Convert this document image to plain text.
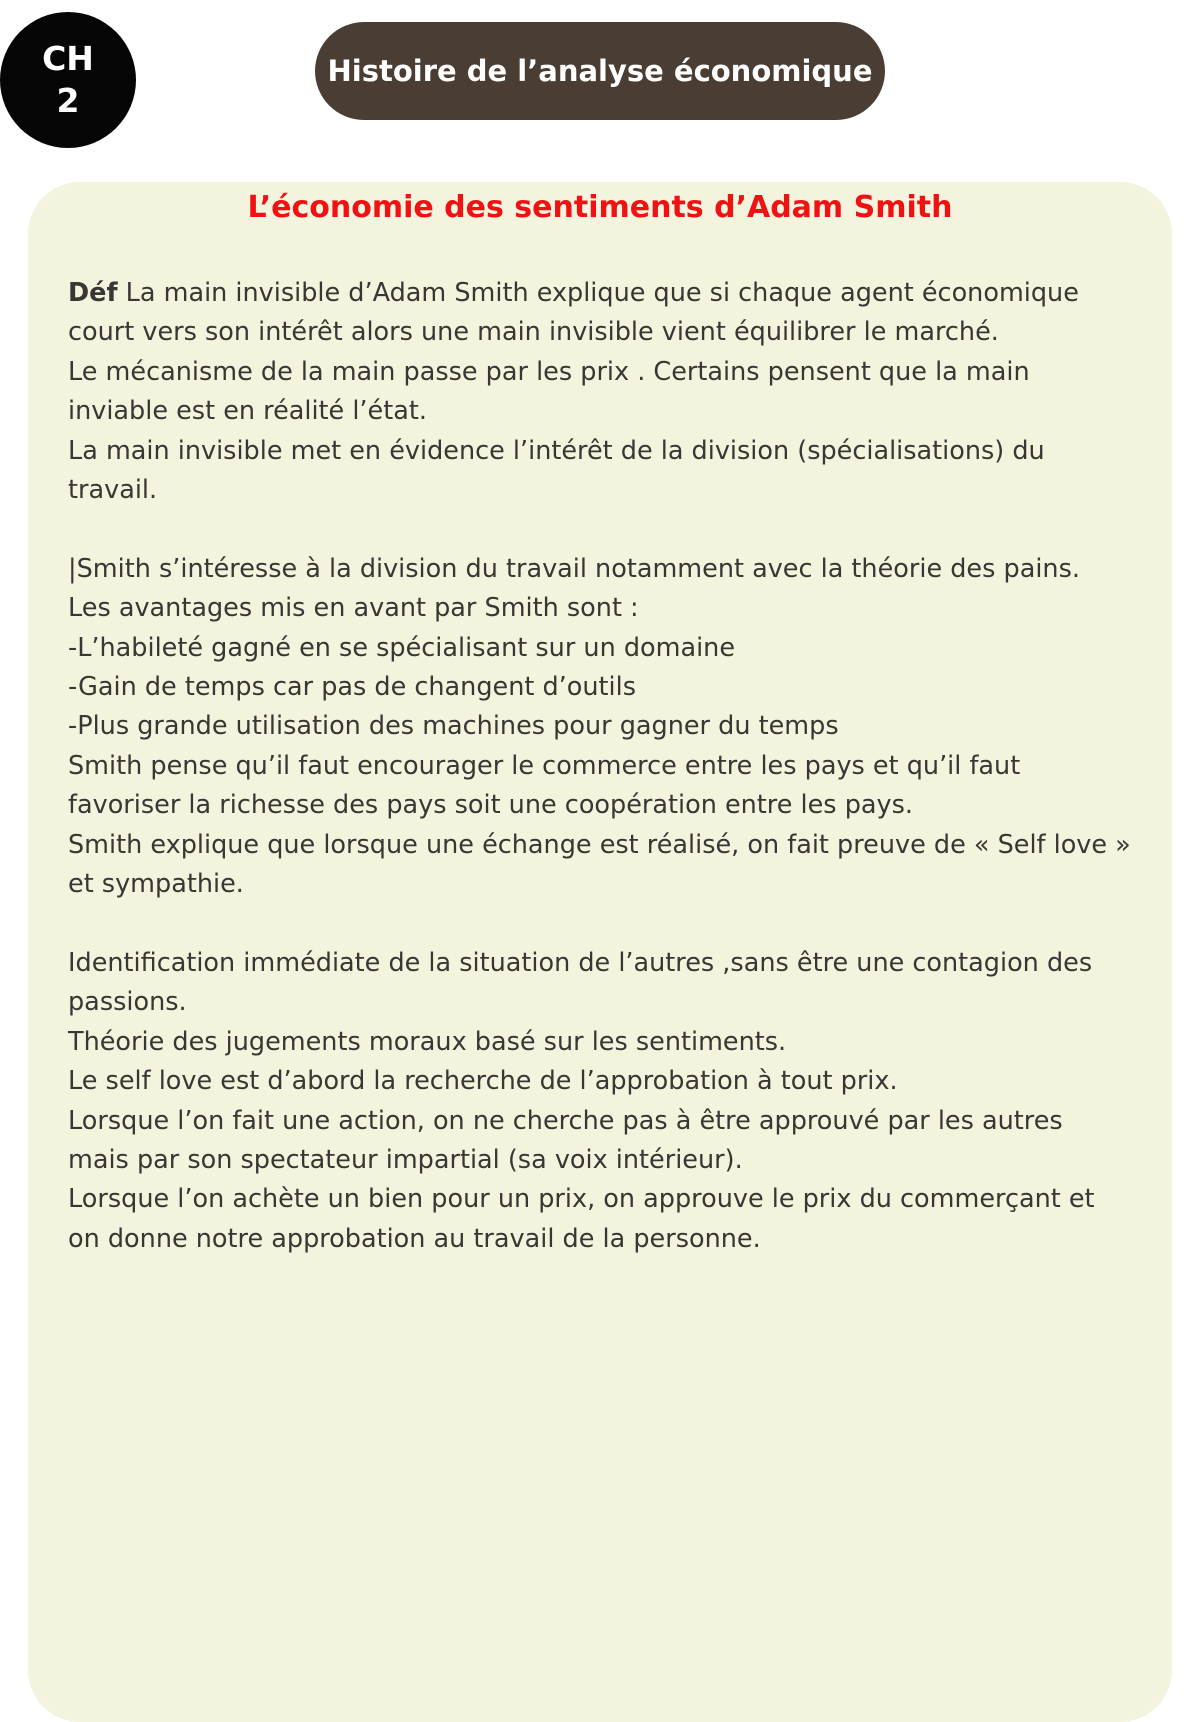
CH
2
Histoire de l’analyse économique
L’économie des sentiments d’Adam Smith

Déf La main invisible d’Adam Smith explique que si chaque agent économique

court vers son intérêt alors une main invisible vient équilibrer le marché.

Le mécanisme de la main passe par les prix . Certains pensent que la main

inviable est en réalité l’état.

La main invisible met en évidence l’intérêt de la division (spécialisations) du

travail.

|Smith s’intéresse à la division du travail notamment avec la théorie des pains.

Les avantages mis en avant par Smith sont :

-L’habileté gagné en se spécialisant sur un domaine

-Gain de temps car pas de changent d’outils

-Plus grande utilisation des machines pour gagner du temps

Smith pense qu’il faut encourager le commerce entre les pays et qu’il faut

favoriser la richesse des pays soit une coopération entre les pays.

Smith explique que lorsque une échange est réalisé, on fait preuve de « Self love »

et sympathie.

Identification immédiate de la situation de l’autres ,sans être une contagion des

passions.

Théorie des jugements moraux basé sur les sentiments.

Le self love est d’abord la recherche de l’approbation à tout prix.

Lorsque l’on fait une action, on ne cherche pas à être approuvé par les autres

mais par son spectateur impartial (sa voix intérieur).

Lorsque l’on achète un bien pour un prix, on approuve le prix du commerçant et

on donne notre approbation au travail de la personne.
